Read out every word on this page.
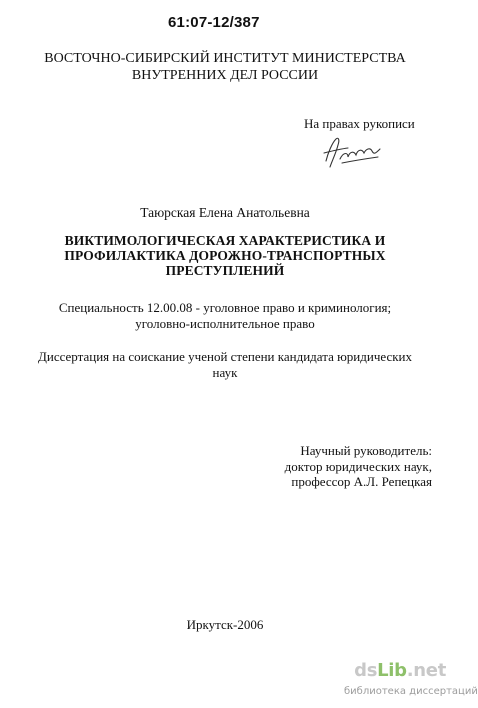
61:07-12/387
ВОСТОЧНО-СИБИРСКИЙ ИНСТИТУТ МИНИСТЕРСТВА
ВНУТРЕННИХ ДЕЛ РОССИИ
На правах рукописи
Таюрская Елена Анатольевна
ВИКТИМОЛОГИЧЕСКАЯ ХАРАКТЕРИСТИКА И
ПРОФИЛАКТИКА ДОРОЖНО-ТРАНСПОРТНЫХ
ПРЕСТУПЛЕНИЙ
Специальность 12.00.08 - уголовное право и криминология;
уголовно-исполнительное право
Диссертация на соискание ученой степени кандидата юридических
наук
Научный руководитель:
доктор юридических наук,
профессор А.Л. Репецкая
Иркутск-2006
dsLib.net
библиотека диссертаций
